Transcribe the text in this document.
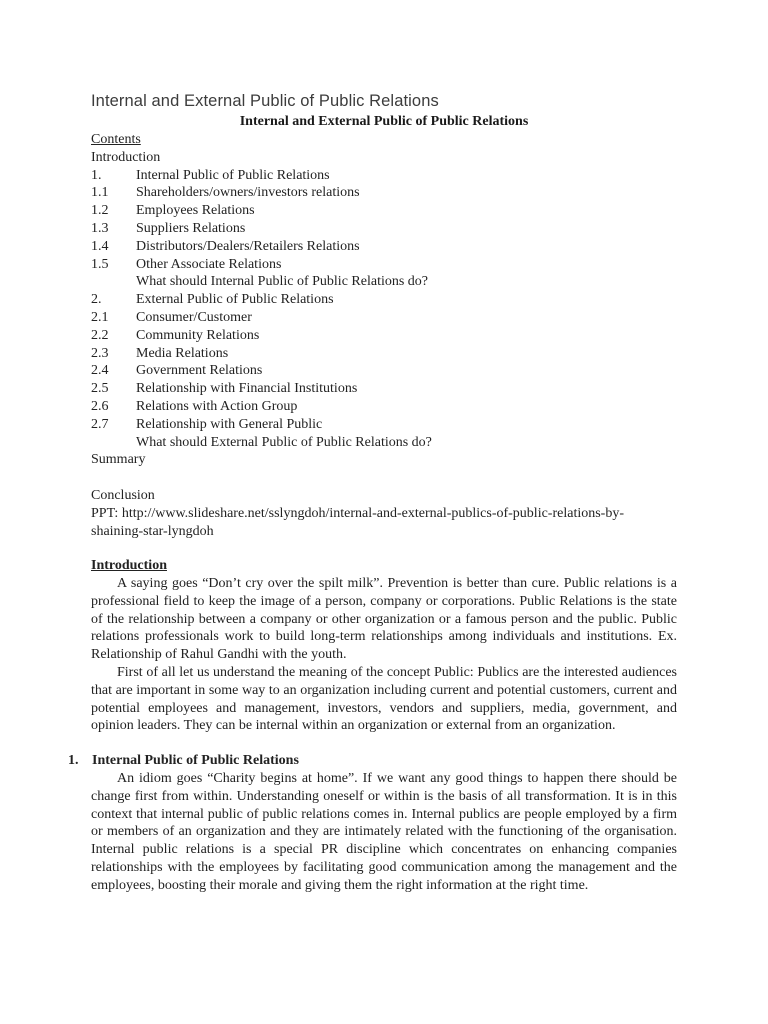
Internal and External Public of Public Relations
Internal and External Public of Public Relations
Contents
Introduction
1. Internal Public of Public Relations
1.1 Shareholders/owners/investors relations
1.2 Employees Relations
1.3 Suppliers Relations
1.4 Distributors/Dealers/Retailers Relations
1.5 Other Associate Relations
What should Internal Public of Public Relations do?
2. External Public of Public Relations
2.1 Consumer/Customer
2.2 Community Relations
2.3 Media Relations
2.4 Government Relations
2.5 Relationship with Financial Institutions
2.6 Relations with Action Group
2.7 Relationship with General Public
What should External Public of Public Relations do?
Summary
Conclusion
PPT: http://www.slideshare.net/sslyngdoh/internal-and-external-publics-of-public-relations-by-
shaining-star-lyngdoh
Introduction
A saying goes “Don’t cry over the spilt milk”. Prevention is better than cure. Public relations is a professional field to keep the image of a person, company or corporations. Public Relations is the state of the relationship between a company or other organization or a famous person and the public. Public relations professionals work to build long-term relationships among individuals and institutions. Ex. Relationship of Rahul Gandhi with the youth.
First of all let us understand the meaning of the concept Public: Publics are the interested audiences that are important in some way to an organization including current and potential customers, current and potential employees and management, investors, vendors and suppliers, media, government, and opinion leaders. They can be internal within an organization or external from an organization.
1. Internal Public of Public Relations
An idiom goes “Charity begins at home”. If we want any good things to happen there should be change first from within. Understanding oneself or within is the basis of all transformation. It is in this context that internal public of public relations comes in. Internal publics are people employed by a firm or members of an organization and they are intimately related with the functioning of the organisation. Internal public relations is a special PR discipline which concentrates on enhancing companies relationships with the employees by facilitating good communication among the management and the employees, boosting their morale and giving them the right information at the right time.
